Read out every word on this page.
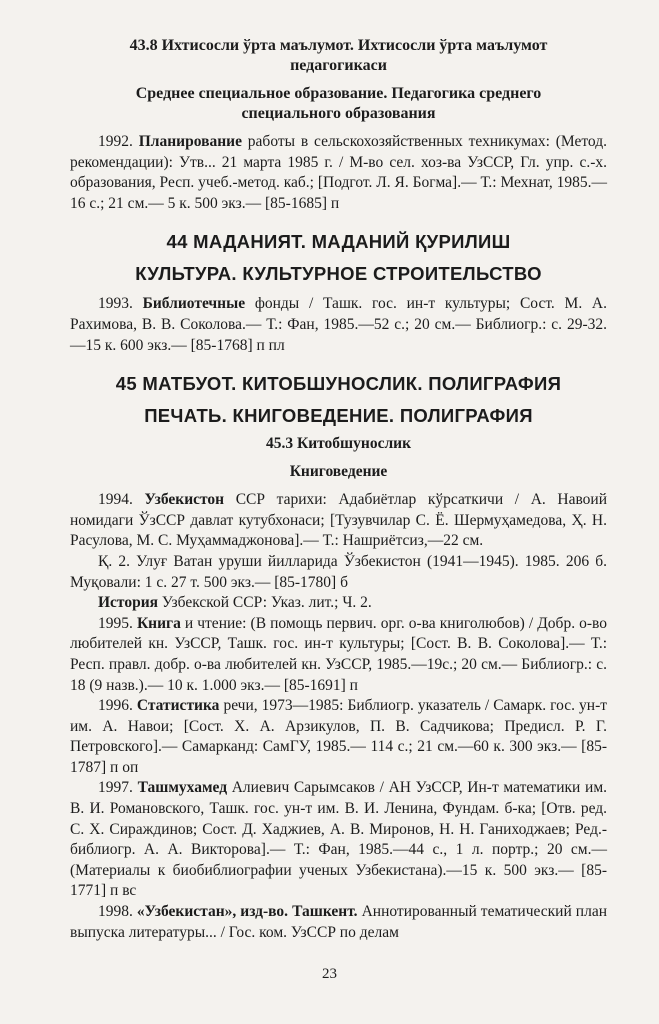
43.8 Ихтисосли ўрта маълумот. Ихтисосли ўрта маълумот педагогикаси
Среднее специальное образование. Педагогика среднего специального образования

1992. Планирование работы в сельскохозяйственных техникумах: (Метод. рекомендации): Утв... 21 марта 1985 г. / М-во сел. хоз-ва УзССР, Гл. упр. с.-х. образования, Респ. учеб.-метод. каб.; [Подгот. Л. Я. Богма].— Т.: Мехнат, 1985.—16 с.; 21 см.— 5 к. 500 экз.— [85-1685] п

44 МАДАНИЯТ. МАДАНИЙ ҚУРИЛИШ
КУЛЬТУРА. КУЛЬТУРНОЕ СТРОИТЕЛЬСТВО

1993. Библиотечные фонды / Ташк. гос. ин-т культуры; Сост. М. А. Рахимова, В. В. Соколова.— Т.: Фан, 1985.—52 с.; 20 см.— Библиогр.: с. 29-32.—15 к. 600 экз.— [85-1768] п пл

45 МАТБУОТ. КИТОБШУНОСЛИК. ПОЛИГРАФИЯ
ПЕЧАТЬ. КНИГОВЕДЕНИЕ. ПОЛИГРАФИЯ
45.3 Китобшунослик
Книговедение

1994. Узбекистон ССР тарихи: Адабиётлар кўрсаткичи / А. Навоий номидаги ЎзССР давлат кутубхонаси; [Тузувчилар С. Ё. Шермуҳамедова, Ҳ. Н. Расулова, М. С. Муҳаммаджонова].— Т.: Нашриётсиз,—22 см.

Қ. 2. Улуғ Ватан уруши йилларида Ўзбекистон (1941—1945). 1985. 206 б. Муқовали: 1 с. 27 т. 500 экз.— [85-1780] б

История Узбекской ССР: Указ. лит.; Ч. 2.

1995. Книга и чтение: (В помощь первич. орг. о-ва книголюбов) / Добр. о-во любителей кн. УзССР, Ташк. гос. ин-т культуры; [Сост. В. В. Соколова].— Т.: Респ. правл. добр. о-ва любителей кн. УзССР, 1985.—19с.; 20 см.— Библиогр.: с. 18 (9 назв.).— 10 к. 1.000 экз.— [85-1691] п

1996. Статистика речи, 1973—1985: Библиогр. указатель / Самарк. гос. ун-т им. А. Навои; [Сост. Х. А. Арзикулов, П. В. Садчикова; Предисл. Р. Г. Петровского].— Самарканд: СамГУ, 1985.— 114 с.; 21 см.—60 к. 300 экз.— [85-1787] п оп

1997. Ташмухамед Алиевич Сарымсаков / АН УзССР, Ин-т математики им. В. И. Романовского, Ташк. гос. ун-т им. В. И. Ленина, Фундам. б-ка; [Отв. ред. С. Х. Сираждинов; Сост. Д. Хаджиев, А. В. Миронов, Н. Н. Ганиходжаев; Ред.-библиогр. А. А. Викторова].— Т.: Фан, 1985.—44 с., 1 л. портр.; 20 см.— (Материалы к биобиблиографии ученых Узбекистана).—15 к. 500 экз.— [85-1771] п вс

1998. «Узбекистан», изд-во. Ташкент. Аннотированный тематический план выпуска литературы... / Гос. ком. УзССР по делам

23
